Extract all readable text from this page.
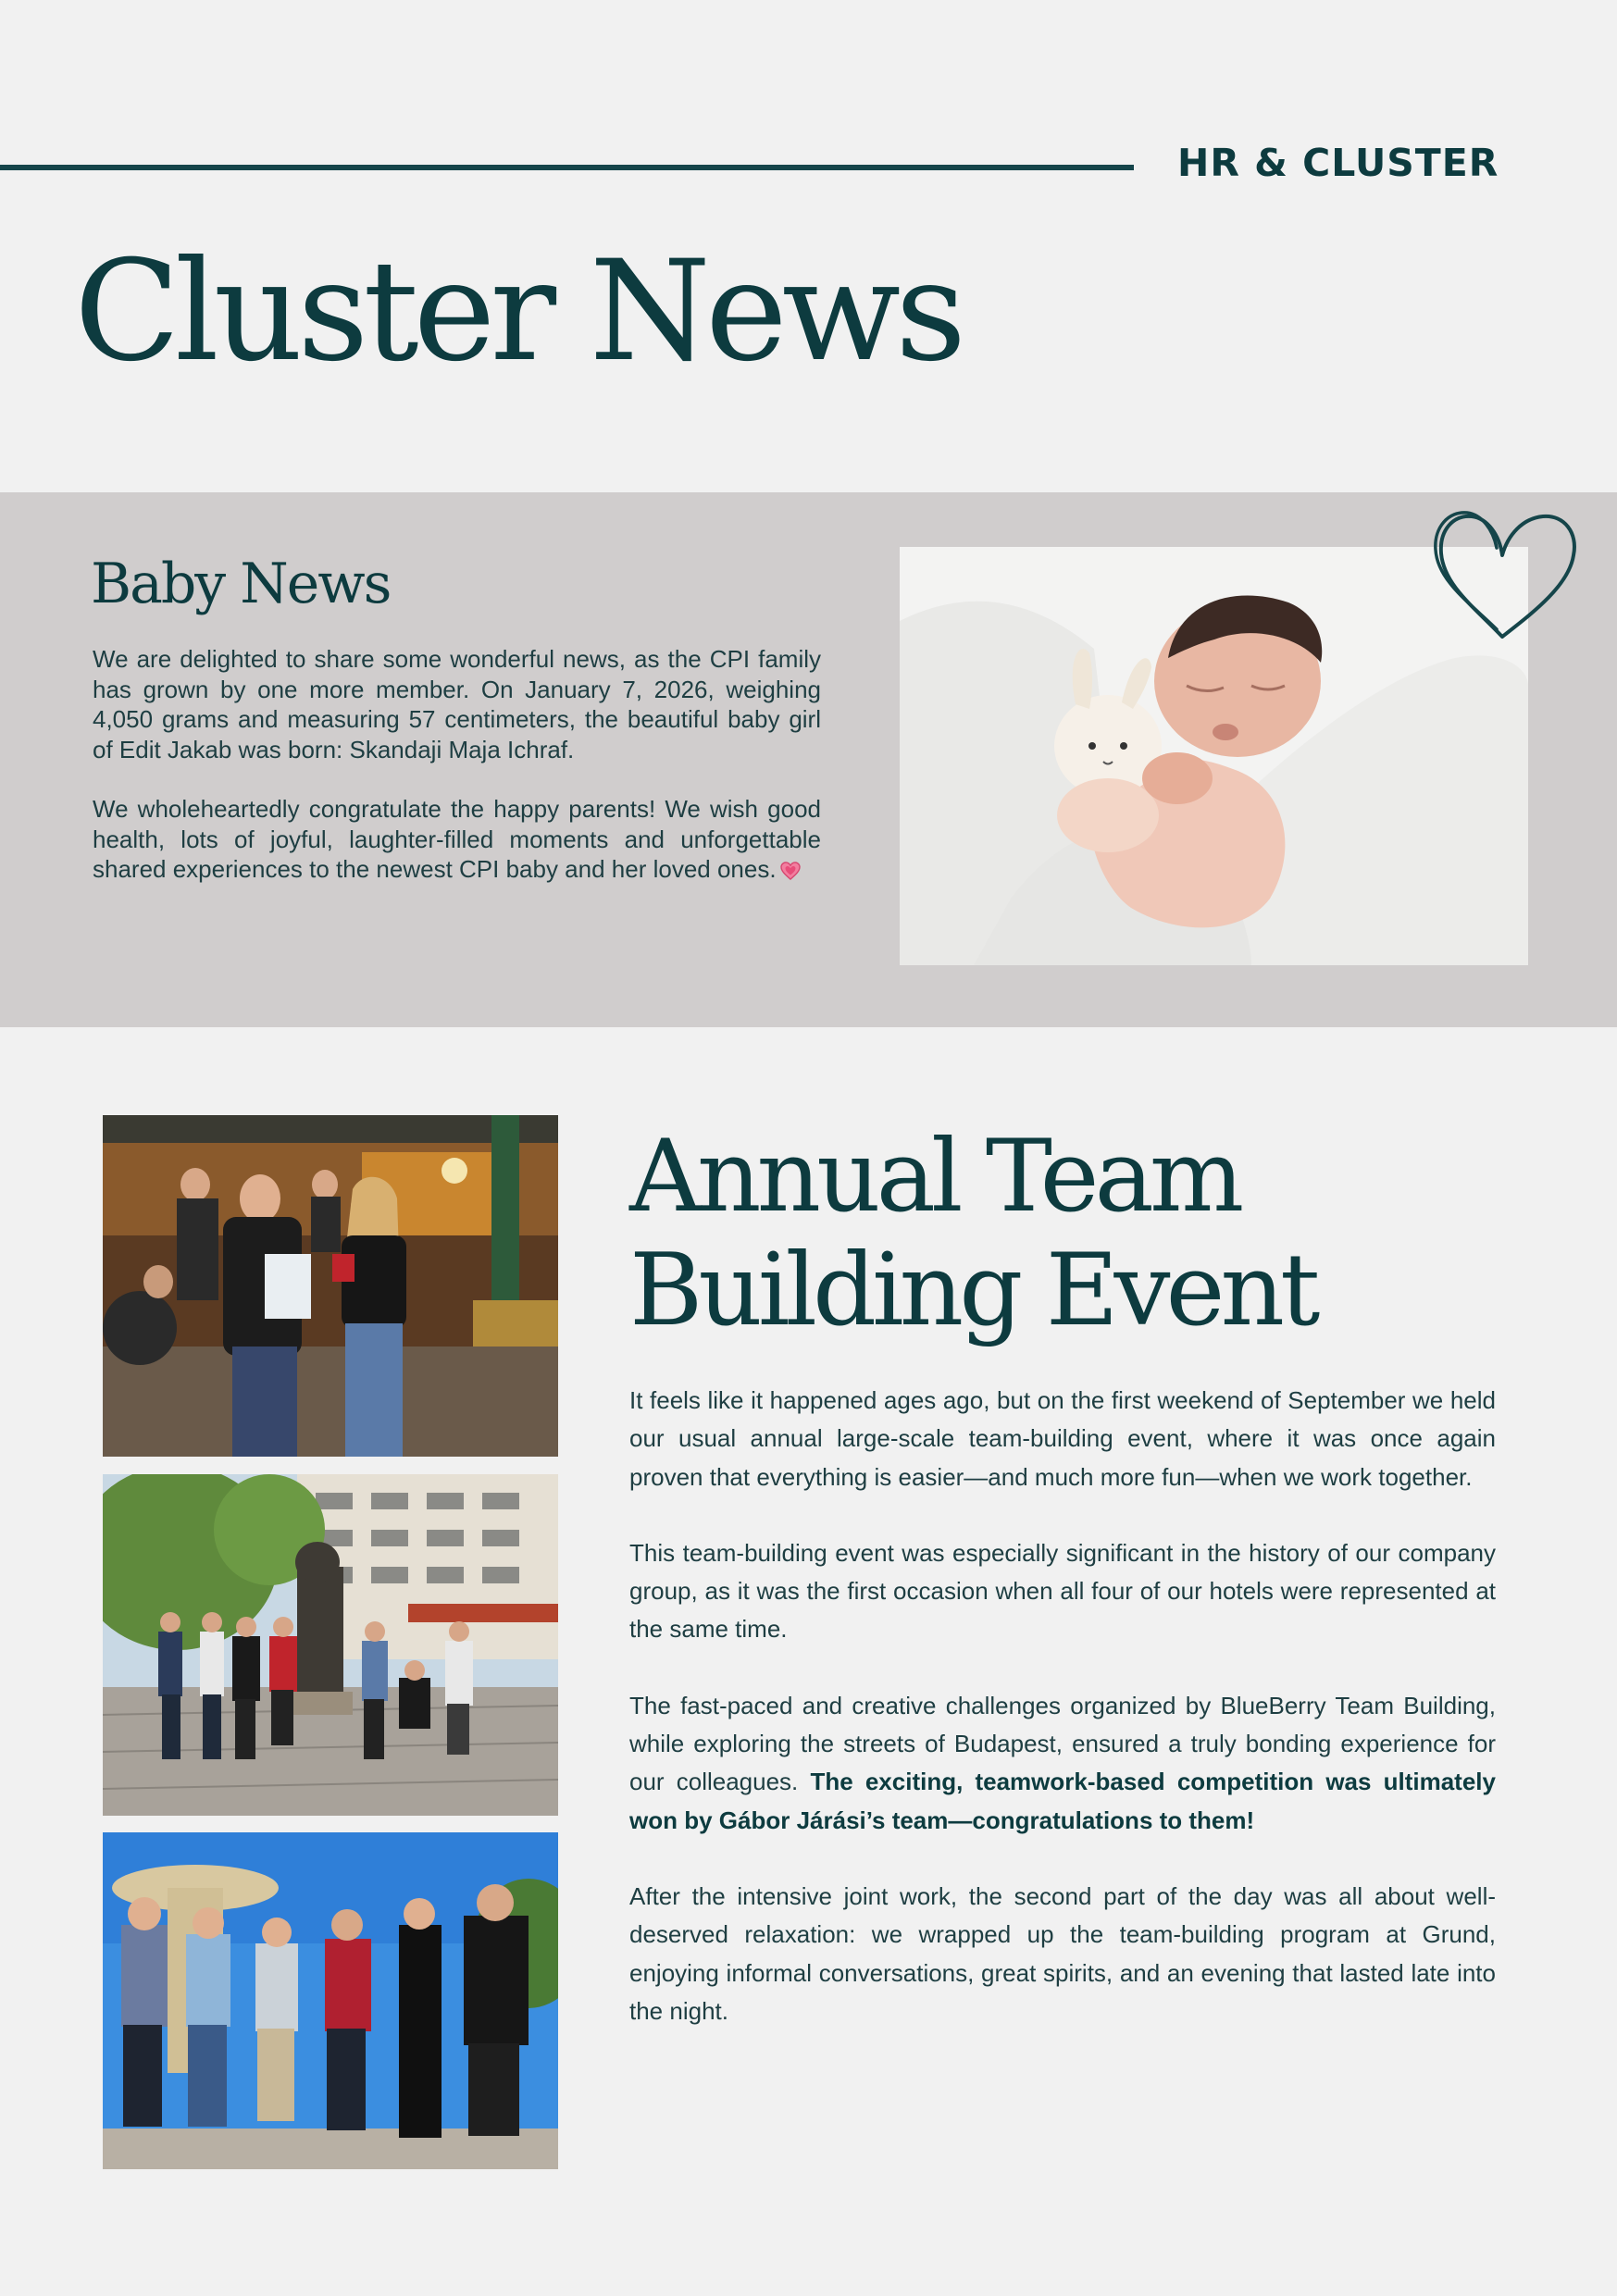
HR & CLUSTER
Cluster News
Baby News

We are delighted to share some wonderful news, as the CPI family has grown by one more member. On January 7, 2026, weighing 4,050 grams and measuring 57 centimeters, the beautiful baby girl of Edit Jakab was born: Skandaji Maja Ichraf.

We wholeheartedly congratulate the happy parents! We wish good health, lots of joyful, laughter-filled moments and unforgettable shared experiences to the newest CPI baby and her loved ones.

Annual Team Building Event

It feels like it happened ages ago, but on the first weekend of September we held our usual annual large-scale team-building event, where it was once again proven that everything is easier—and much more fun—when we work together.

This team-building event was especially significant in the history of our company group, as it was the first occasion when all four of our hotels were represented at the same time.

The fast-paced and creative challenges organized by BlueBerry Team Building, while exploring the streets of Budapest, ensured a truly bonding experience for our colleagues. The exciting, teamwork-based competition was ultimately won by Gábor Járási’s team—congratulations to them!

After the intensive joint work, the second part of the day was all about well-deserved relaxation: we wrapped up the team-building program at Grund, enjoying informal conversations, great spirits, and an evening that lasted late into the night.
